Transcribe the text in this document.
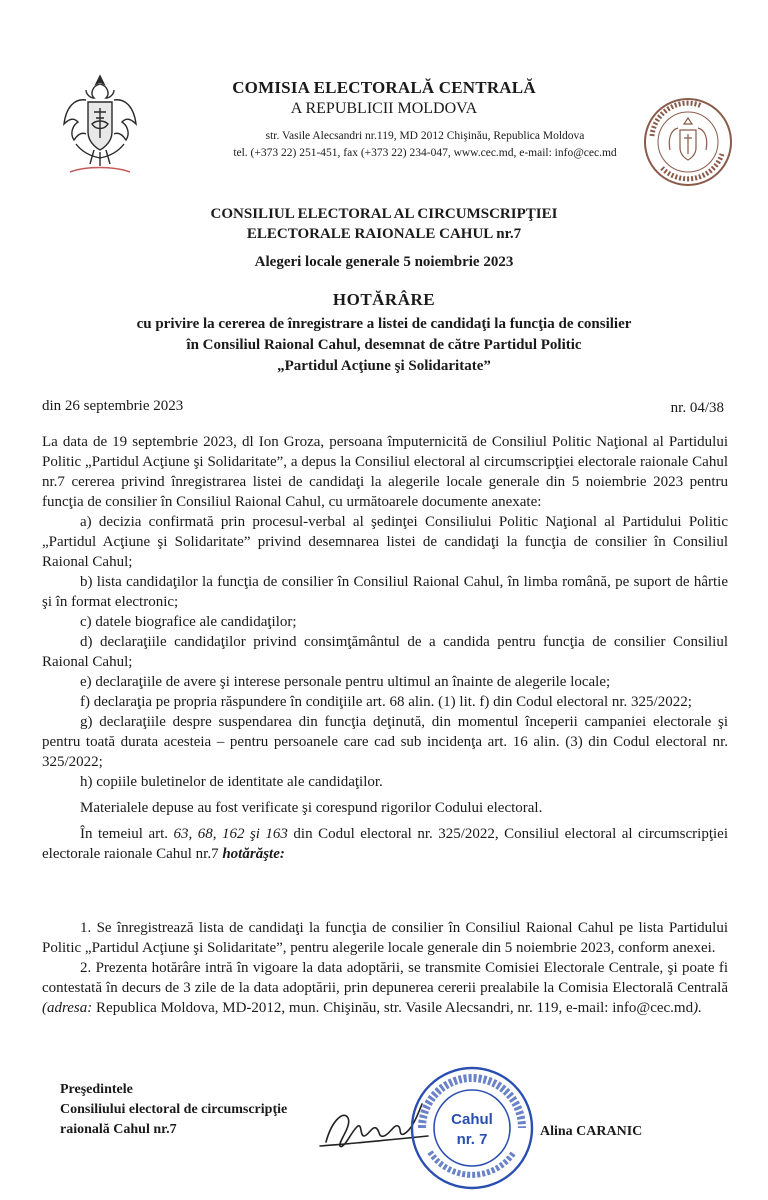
COMISIA ELECTORALĂ CENTRALĂ
A REPUBLICII MOLDOVA
str. Vasile Alecsandri nr.119, MD 2012 Chişinău, Republica Moldova
tel. (+373 22) 251-451, fax (+373 22) 234-047, www.cec.md, e-mail: info@cec.md
CONSILIUL ELECTORAL AL CIRCUMSCRIPŢIEI
ELECTORALE RAIONALE CAHUL nr.7
Alegeri locale generale 5 noiembrie 2023
HOTĂRÂRE
cu privire la cererea de înregistrare a listei de candidaţi la funcţia de consilier
în Consiliul Raional Cahul, desemnat de către Partidul Politic
„Partidul Acţiune şi Solidaritate”
din 26 septembrie 2023	nr. 04/38

La data de 19 septembrie 2023, dl Ion Groza, persoana împuternicită de Consiliul Politic Naţional al Partidului Politic „Partidul Acţiune şi Solidaritate”, a depus la Consiliul electoral al circumscripţiei electorale raionale Cahul nr.7 cererea privind înregistrarea listei de candidaţi la alegerile locale generale din 5 noiembrie 2023 pentru funcţia de consilier în Consiliul Raional Cahul, cu următoarele documente anexate:

a) decizia confirmată prin procesul-verbal al şedinţei Consiliului Politic Naţional al Partidului Politic „Partidul Acţiune şi Solidaritate” privind desemnarea listei de candidaţi la funcţia de consilier în Consiliul Raional Cahul;

b) lista candidaţilor la funcţia de consilier în Consiliul Raional Cahul, în limba română, pe suport de hârtie şi în format electronic;

c) datele biografice ale candidaţilor;

d) declaraţiile candidaţilor privind consimţământul de a candida pentru funcţia de consilier Consiliul Raional Cahul;

e) declaraţiile de avere şi interese personale pentru ultimul an înainte de alegerile locale;

f) declaraţia pe propria răspundere în condiţiile art. 68 alin. (1) lit. f) din Codul electoral nr. 325/2022;

g) declaraţiile despre suspendarea din funcţia deţinută, din momentul începerii campaniei electorale şi pentru toată durata acesteia – pentru persoanele care cad sub incidenţa art. 16 alin. (3) din Codul electoral nr. 325/2022;

h) copiile buletinelor de identitate ale candidaţilor.

Materialele depuse au fost verificate şi corespund rigorilor Codului electoral.

În temeiul art. 63, 68, 162 şi 163 din Codul electoral nr. 325/2022, Consiliul electoral al circumscripţiei electorale raionale Cahul nr.7 hotărăşte:

1. Se înregistrează lista de candidaţi la funcţia de consilier în Consiliul Raional Cahul pe lista Partidului Politic „Partidul Acţiune şi Solidaritate”, pentru alegerile locale generale din 5 noiembrie 2023, conform anexei.

2. Prezenta hotărâre intră în vigoare la data adoptării, se transmite Comisiei Electorale Centrale, şi poate fi contestată în decurs de 3 zile de la data adoptării, prin depunerea cererii prealabile la Comisia Electorală Centrală (adresa: Republica Moldova, MD-2012, mun. Chişinău, str. Vasile Alecsandri, nr. 119, e-mail: info@cec.md).

Preşedintele
Consiliului electoral de circumscripţie
raională Cahul nr.7
Cahul
nr. 7	Alina CARANIC
